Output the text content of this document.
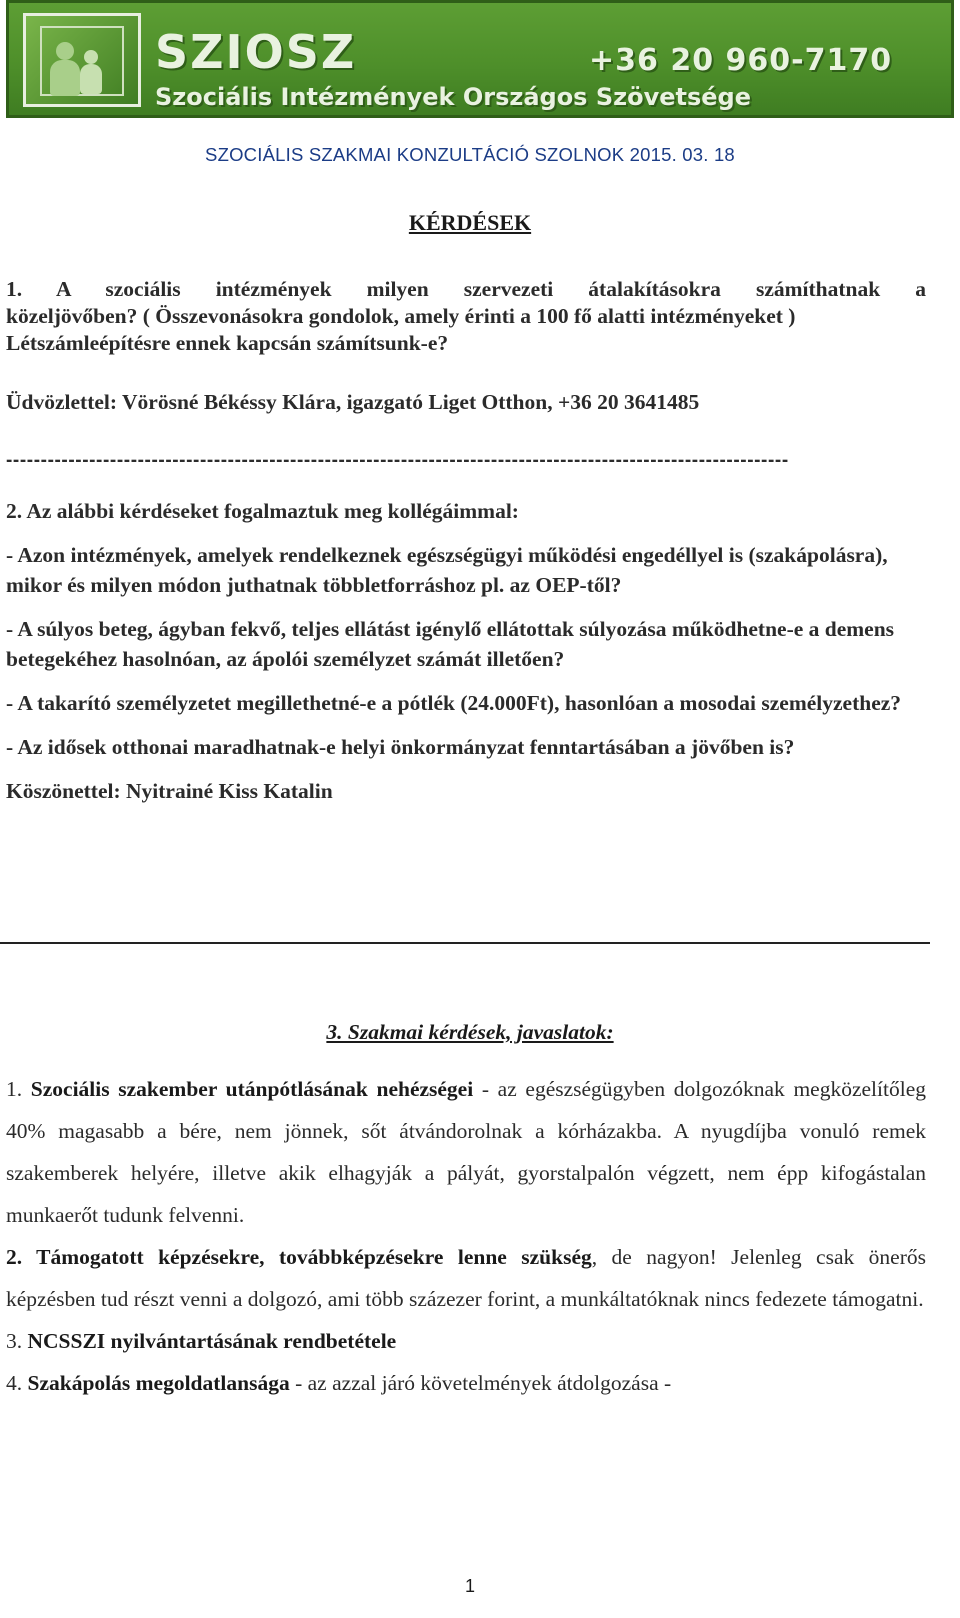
SZIOSZ	+36 20 960-7170
Szociális Intézmények Országos Szövetsége
SZOCIÁLIS SZAKMAI KONZULTÁCIÓ SZOLNOK 2015. 03. 18
KÉRDÉSEK
1. A szociális intézmények milyen szervezeti átalakításokra számíthatnak a
közeljövőben? ( Összevonásokra gondolok, amely érinti a 100 fő alatti intézményeket )
Létszámleépítésre ennek kapcsán számítsunk-e?
Üdvözlettel: Vörösné Békéssy Klára, igazgató Liget Otthon, +36 20 3641485
-----------------------------------------------------------------------------------------------------------------

2. Az alábbi kérdéseket fogalmaztuk meg kollégáimmal:

- Azon intézmények, amelyek rendelkeznek egészségügyi működési engedéllyel is (szakápolásra), mikor és milyen módon juthatnak többletforráshoz pl. az OEP-től?

- A súlyos beteg, ágyban fekvő, teljes ellátást igénylő ellátottak súlyozása működhetne-e a demens betegekéhez hasolnóan, az ápolói személyzet számát illetően?

- A takarító személyzetet megillethetné-e a pótlék (24.000Ft), hasonlóan a mosodai személyzethez?

- Az idősek otthonai maradhatnak-e helyi önkormányzat fenntartásában a jövőben is?

Köszönettel: Nyitrainé Kiss Katalin

3. Szakmai kérdések, javaslatok:

1. Szociális szakember utánpótlásának nehézségei - az egészségügyben dolgozóknak megközelítőleg 40% magasabb a bére, nem jönnek, sőt átvándorolnak a kórházakba. A nyugdíjba vonuló remek szakemberek helyére, illetve akik elhagyják a pályát, gyorstalpalón végzett, nem épp kifogástalan munkaerőt tudunk felvenni.

2. Támogatott képzésekre, továbbképzésekre lenne szükség, de nagyon! Jelenleg csak önerős képzésben tud részt venni a dolgozó, ami több százezer forint, a munkáltatóknak nincs fedezete támogatni.

3. NCSSZI nyilvántartásának rendbetétele

4. Szakápolás megoldatlansága - az azzal járó követelmények átdolgozása -

1
